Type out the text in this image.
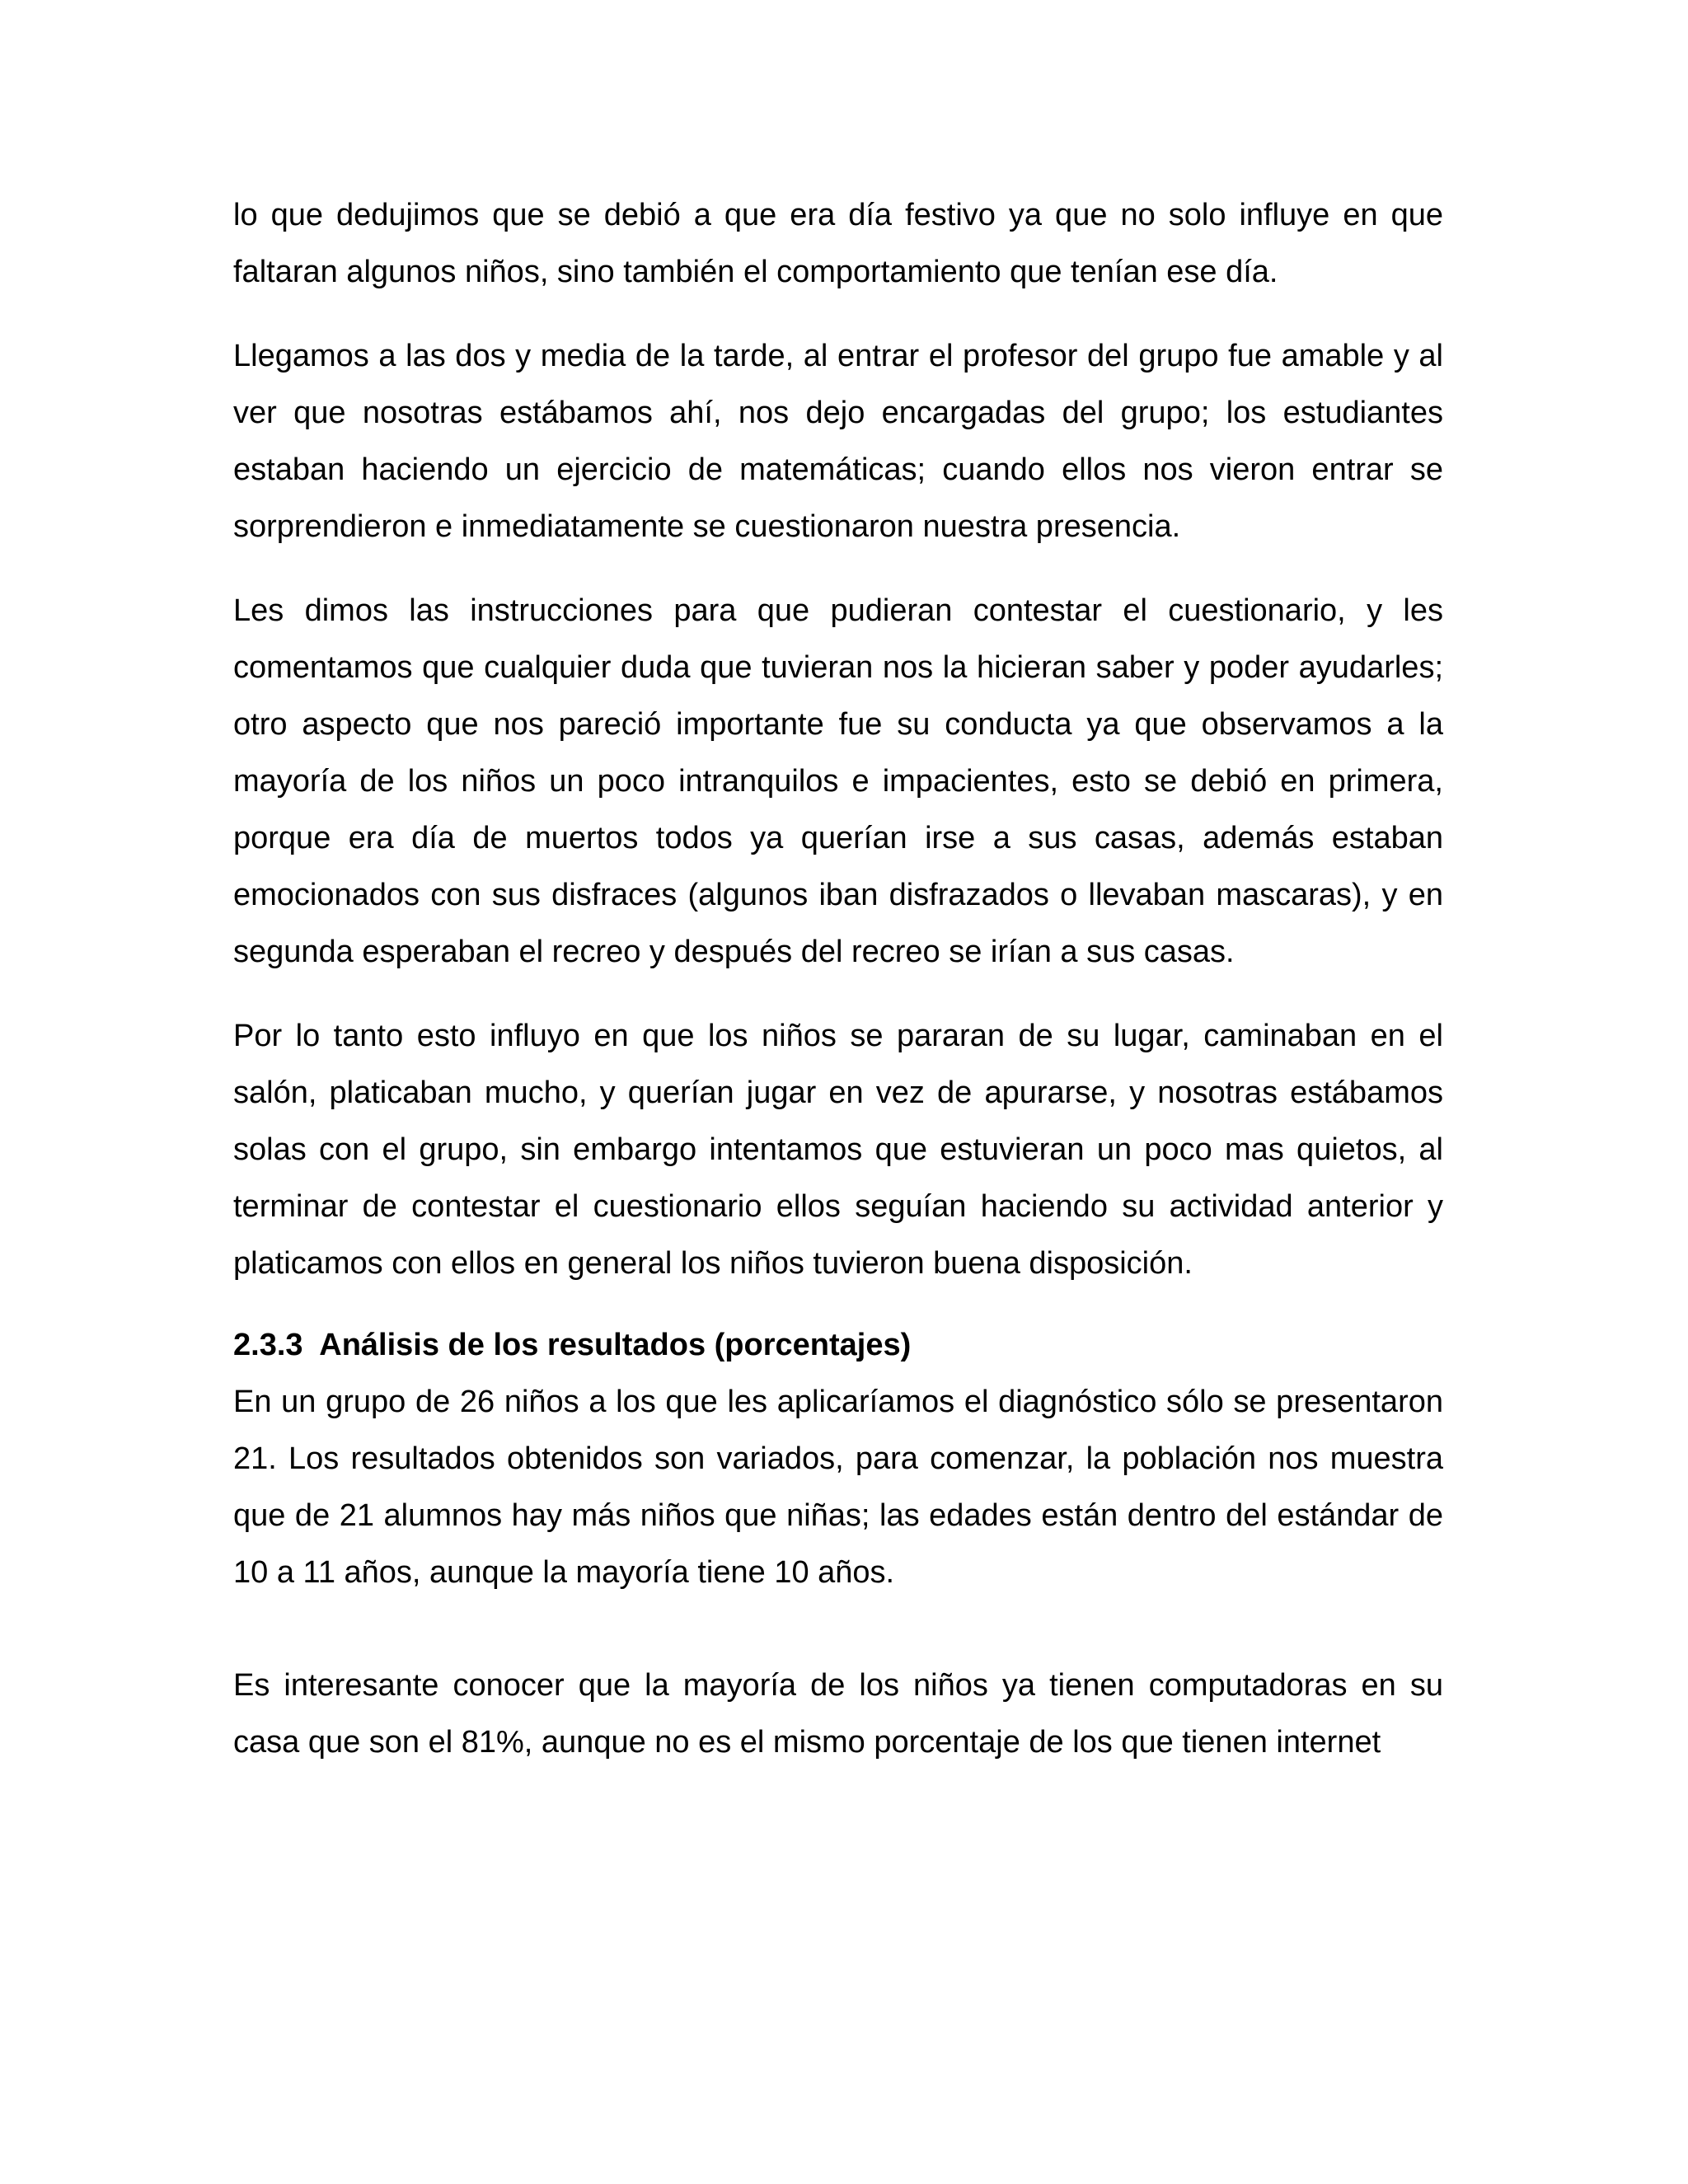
lo que dedujimos que se debió a que era día festivo ya que no solo influye en que faltaran algunos niños, sino también el comportamiento que tenían ese día.

Llegamos a las dos y media de la tarde, al entrar el profesor del grupo fue amable y al ver que nosotras estábamos ahí, nos dejo encargadas del grupo; los estudiantes estaban haciendo un ejercicio de matemáticas; cuando ellos nos vieron entrar se sorprendieron e inmediatamente se cuestionaron nuestra presencia.

Les dimos las instrucciones para que pudieran contestar el cuestionario, y les comentamos que cualquier duda que tuvieran nos la hicieran saber y poder ayudarles; otro aspecto que nos pareció importante fue su conducta ya que observamos a la mayoría de los niños un poco intranquilos e impacientes, esto se debió en primera, porque era día de muertos todos ya querían irse a sus casas, además estaban emocionados con sus disfraces (algunos iban disfrazados o llevaban mascaras), y en segunda esperaban el recreo y después del recreo se irían a sus casas.

Por lo tanto esto influyo en que los niños se pararan de su lugar, caminaban en el salón, platicaban mucho, y querían jugar en vez de apurarse, y nosotras estábamos solas con el grupo, sin embargo intentamos que estuvieran un poco mas quietos, al terminar de contestar el cuestionario ellos seguían haciendo su actividad anterior y platicamos con ellos en general los niños tuvieron buena disposición.

2.3.3 Análisis de los resultados (porcentajes)

En un grupo de 26 niños a los que les aplicaríamos el diagnóstico sólo se presentaron 21. Los resultados obtenidos son variados, para comenzar, la población nos muestra que de 21 alumnos hay más niños que niñas; las edades están dentro del estándar de 10 a 11 años, aunque la mayoría tiene 10 años.

Es interesante conocer que la mayoría de los niños ya tienen computadoras en su casa que son el 81%, aunque no es el mismo porcentaje de los que tienen internet
